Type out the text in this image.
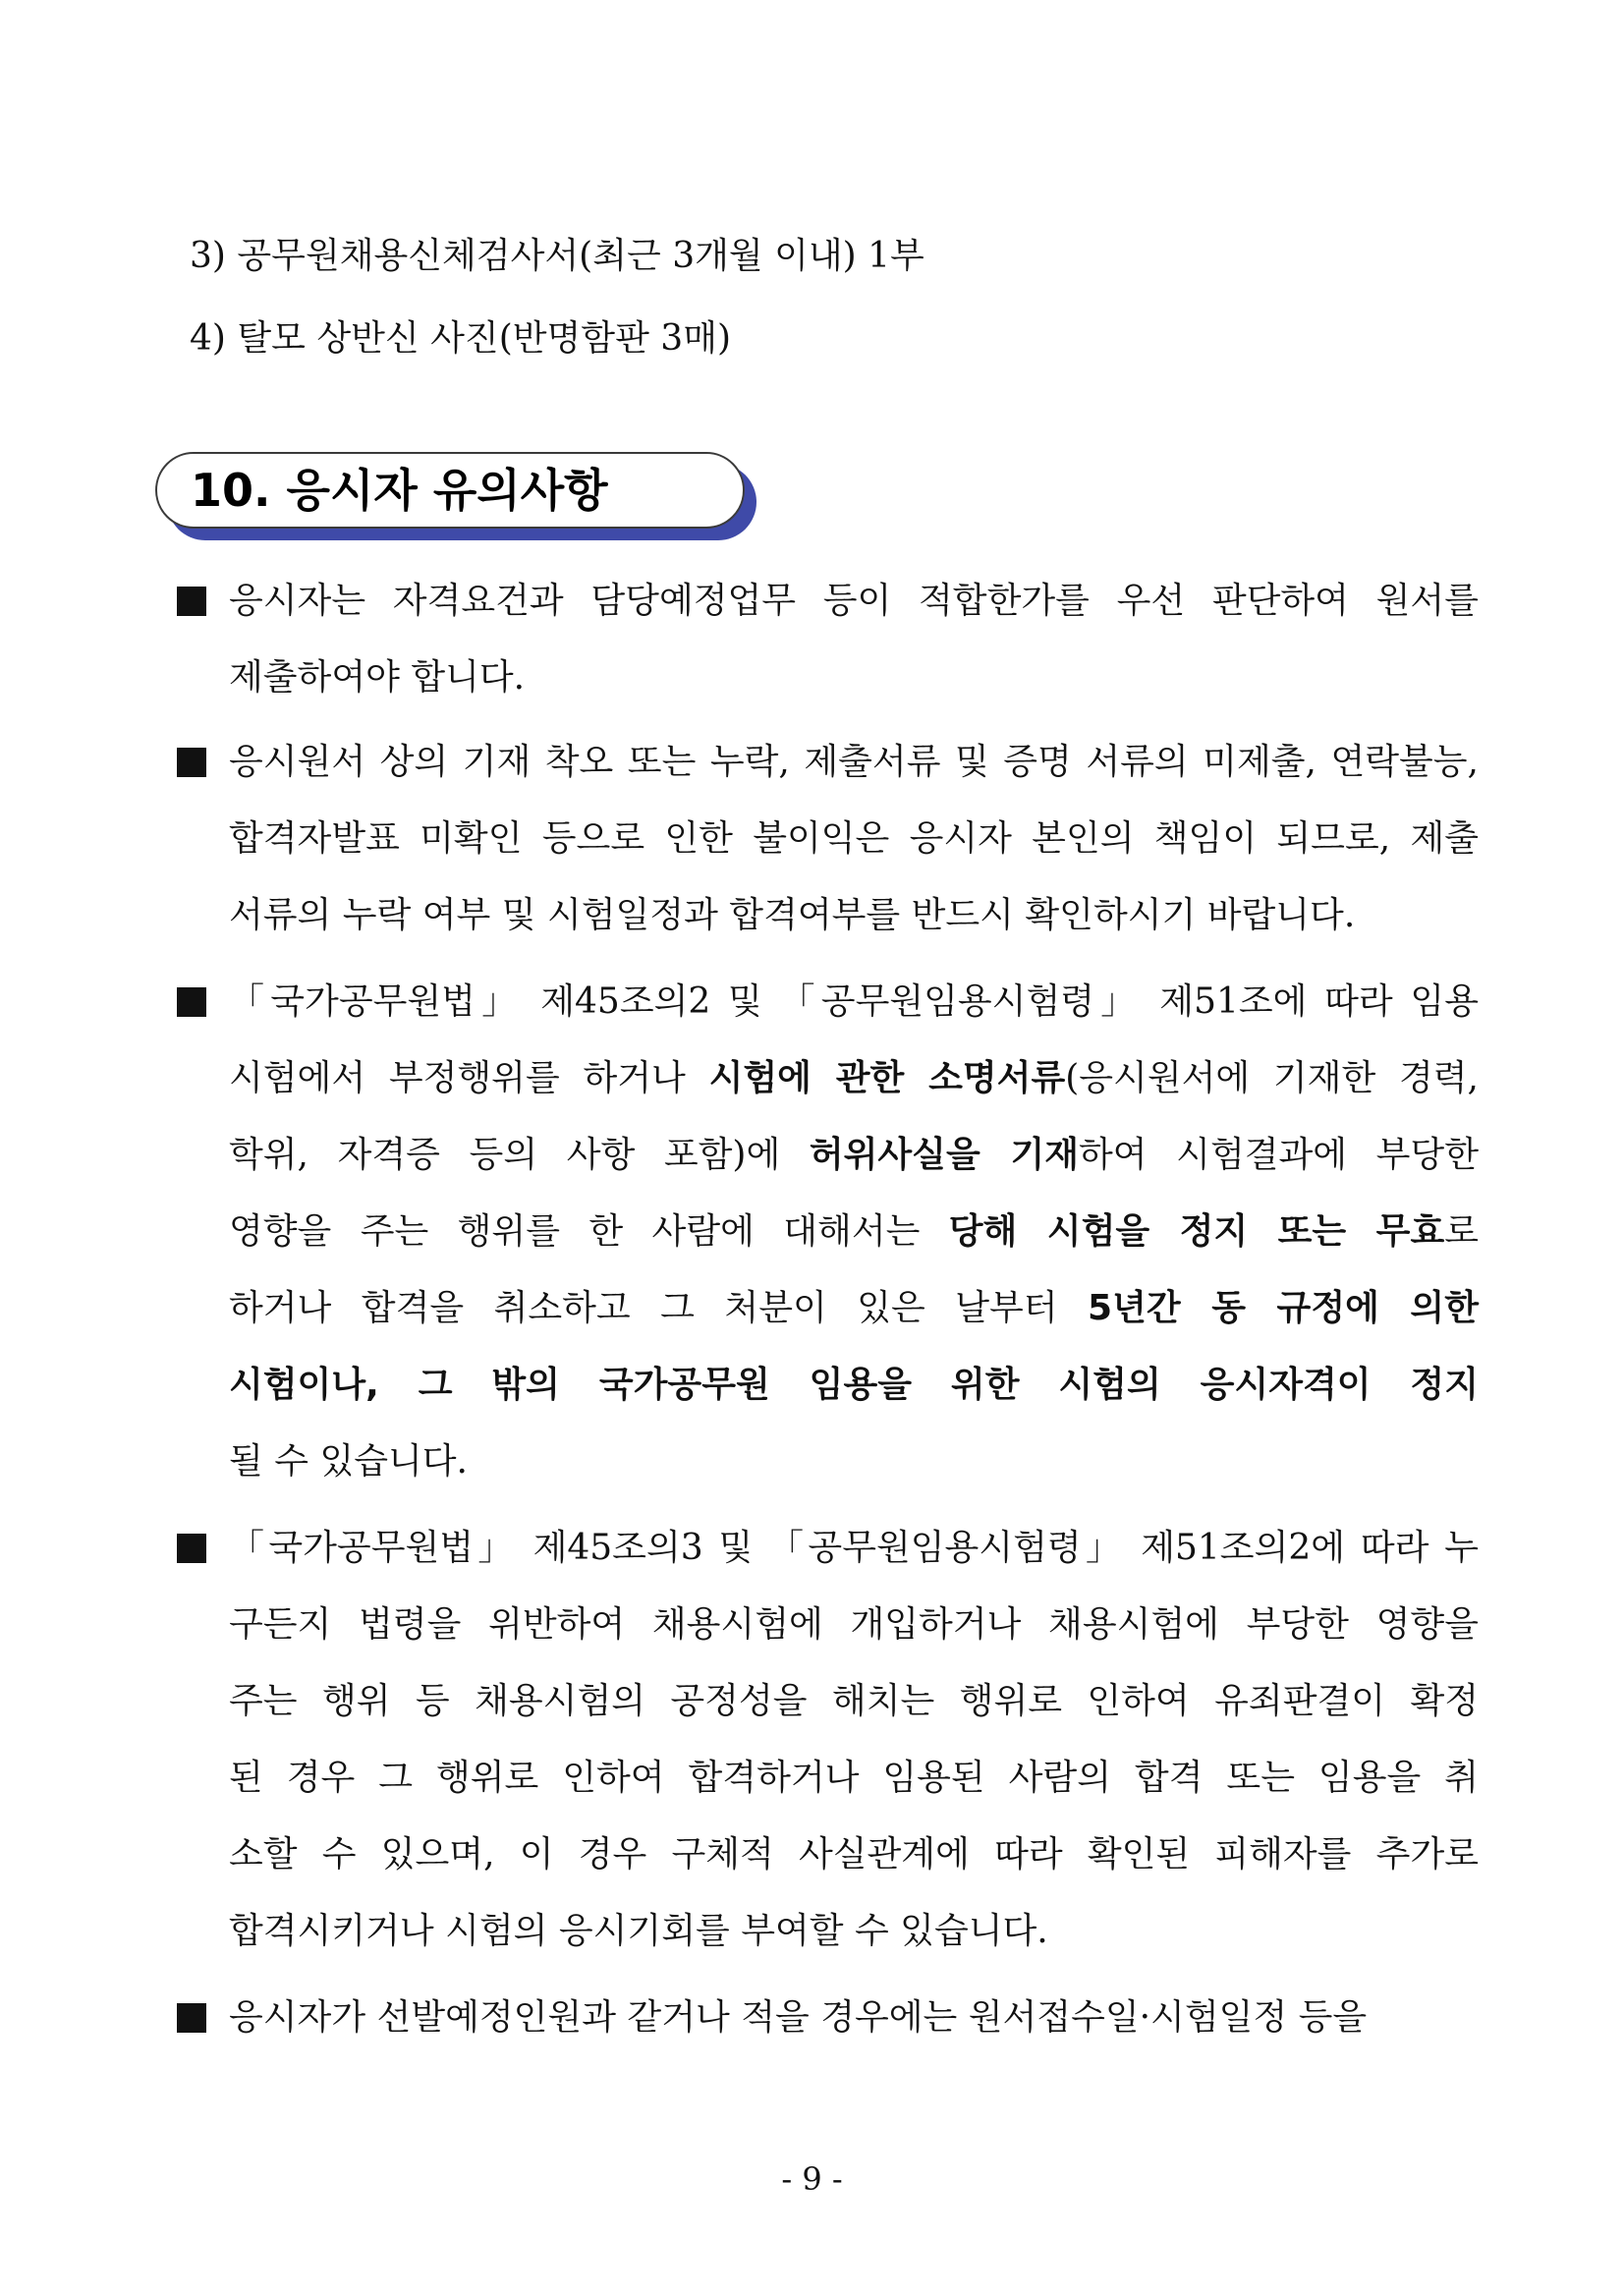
3) 공무원채용신체검사서(최근 3개월 이내) 1부
4) 탈모 상반신 사진(반명함판 3매)
10. 응시자 유의사항
응시자는 자격요건과 담당예정업무 등이 적합한가를 우선 판단하여 원서를
제출하여야 합니다.
응시원서 상의 기재 착오 또는 누락, 제출서류 및 증명 서류의 미제출, 연락불능,
합격자발표 미확인 등으로 인한 불이익은 응시자 본인의 책임이 되므로, 제출
서류의 누락 여부 및 시험일정과 합격여부를 반드시 확인하시기 바랍니다.
「국가공무원법」 제45조의2 및 「공무원임용시험령」 제51조에 따라 임용
시험에서 부정행위를 하거나 시험에 관한 소명서류(응시원서에 기재한 경력,
학위, 자격증 등의 사항 포함)에 허위사실을 기재하여 시험결과에 부당한
영향을 주는 행위를 한 사람에 대해서는 당해 시험을 정지 또는 무효로
하거나 합격을 취소하고 그 처분이 있은 날부터 5년간 동 규정에 의한
시험이나, 그 밖의 국가공무원 임용을 위한 시험의 응시자격이 정지
될 수 있습니다.
「국가공무원법」 제45조의3 및 「공무원임용시험령」 제51조의2에 따라 누
구든지 법령을 위반하여 채용시험에 개입하거나 채용시험에 부당한 영향을
주는 행위 등 채용시험의 공정성을 해치는 행위로 인하여 유죄판결이 확정
된 경우 그 행위로 인하여 합격하거나 임용된 사람의 합격 또는 임용을 취
소할 수 있으며, 이 경우 구체적 사실관계에 따라 확인된 피해자를 추가로
합격시키거나 시험의 응시기회를 부여할 수 있습니다.
응시자가 선발예정인원과 같거나 적을 경우에는 원서접수일·시험일정 등을
- 9 -
